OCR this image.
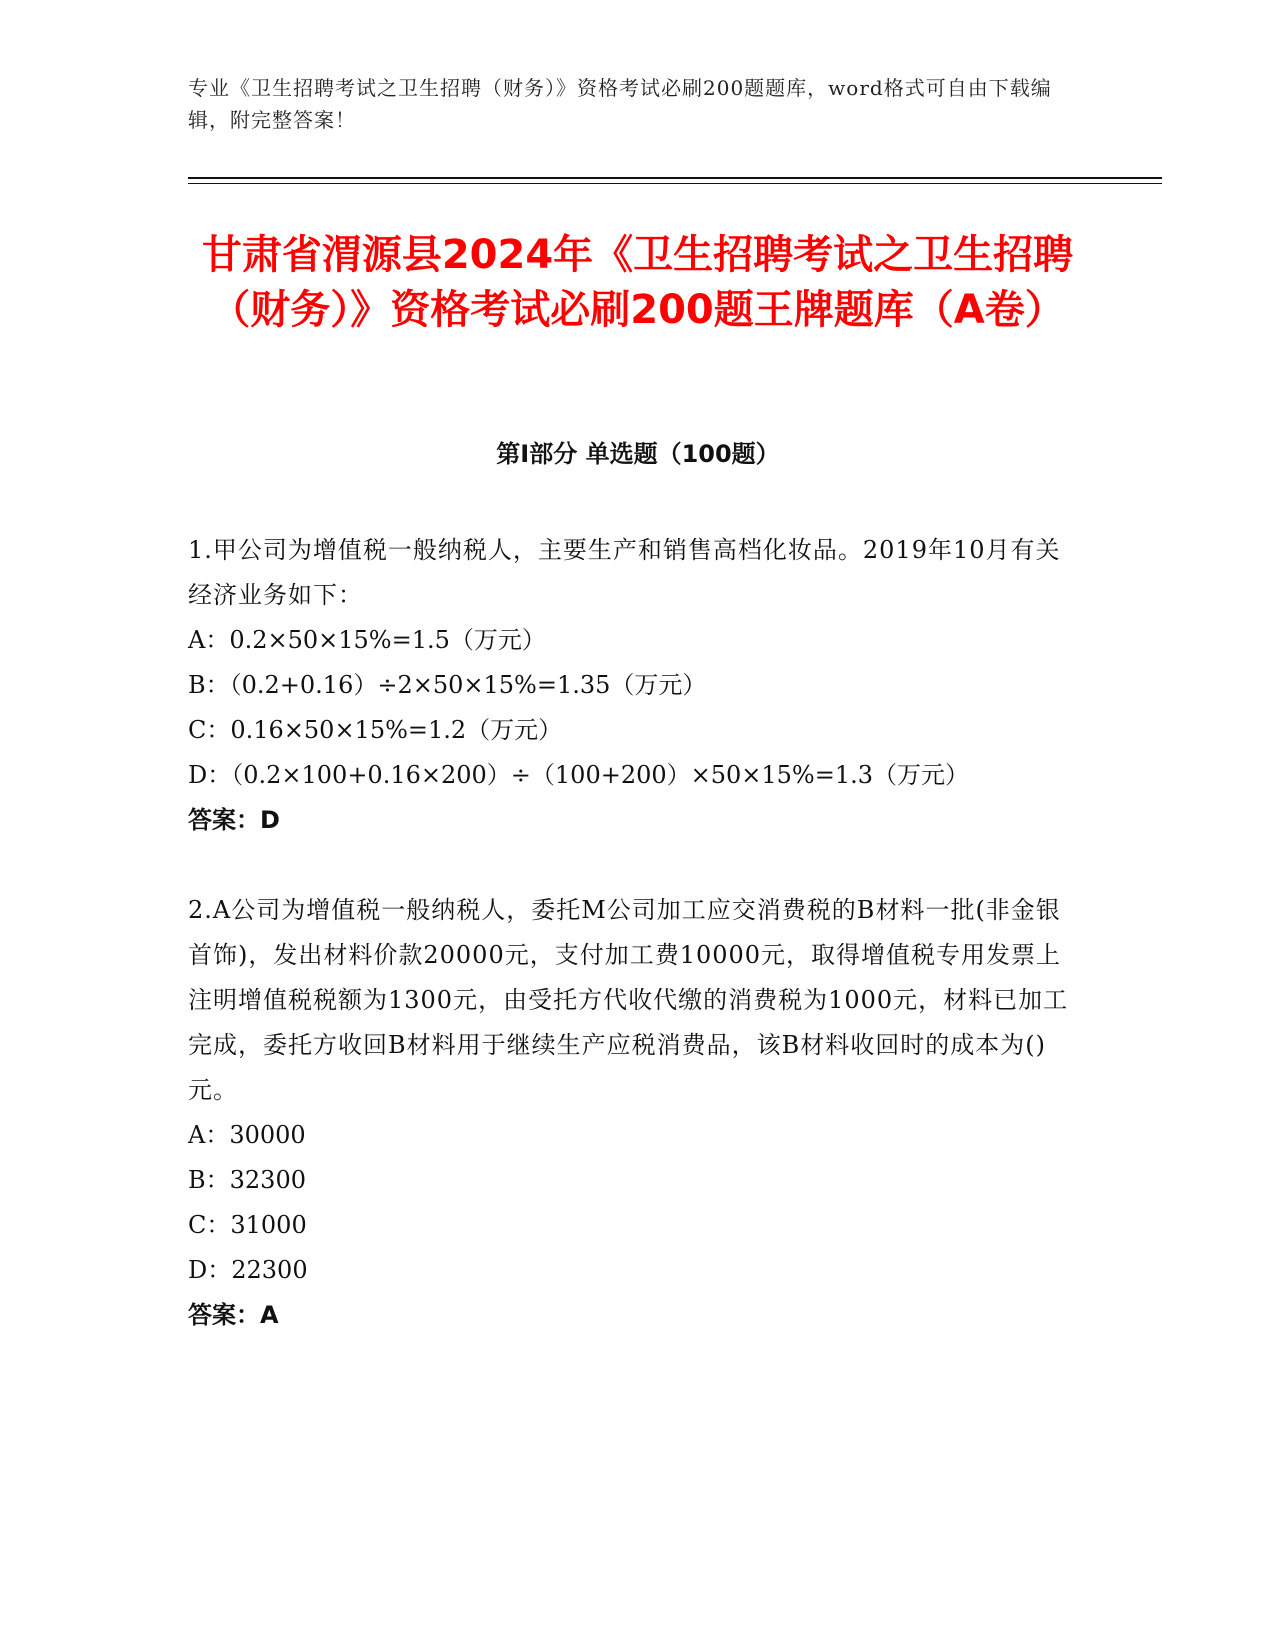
专业《卫生招聘考试之卫生招聘（财务）》资格考试必刷200题题库，word格式可自由下载编辑，附完整答案！
甘肃省渭源县2024年《卫生招聘考试之卫生招聘（财务）》资格考试必刷200题王牌题库（A卷）
第I部分 单选题（100题）
1.甲公司为增值税一般纳税人，主要生产和销售高档化妆品。2019年10月有关经济业务如下：
A：0.2×50×15%=1.5（万元）
B：（0.2+0.16）÷2×50×15%=1.35（万元）
C：0.16×50×15%=1.2（万元）
D：（0.2×100+0.16×200）÷（100+200）×50×15%=1.3（万元）
答案：D
2.A公司为增值税一般纳税人，委托M公司加工应交消费税的B材料一批(非金银首饰)，发出材料价款20000元，支付加工费10000元，取得增值税专用发票上注明增值税税额为1300元，由受托方代收代缴的消费税为1000元，材料已加工完成，委托方收回B材料用于继续生产应税消费品，该B材料收回时的成本为()元。
A：30000
B：32300
C：31000
D：22300
答案：A
